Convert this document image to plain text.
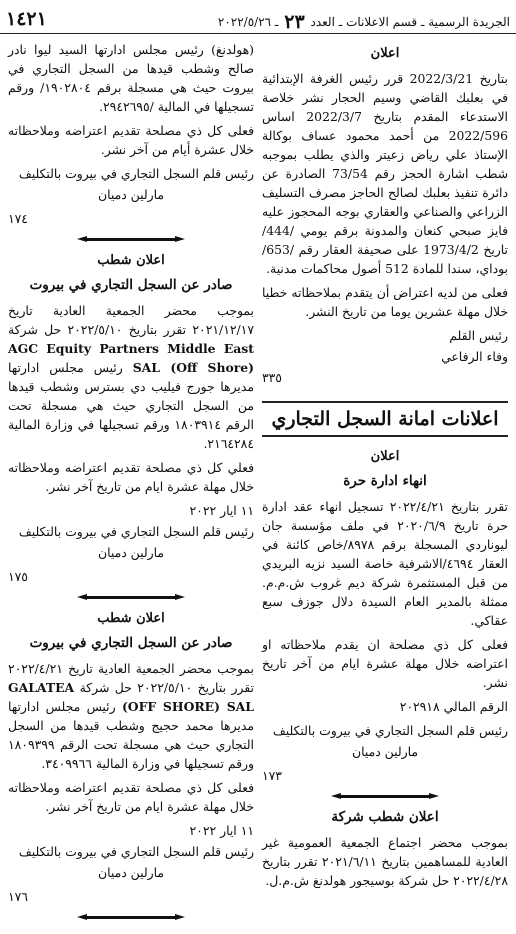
١٤٢١	الجريدة الرسمية ـ قسم الاعلانات ـ العدد ٢٣ ـ ٢٠٢٢/٥/٢٦
اعلان

بتاريخ 2022/3/21 قرر رئيس الغرفة الإبتدائية في بعلبك القاضي وسيم الحجار نشر خلاصة الاستدعاء المقدم بتاريخ 2022/3/7 اساس 2022/596 من أحمد محمود عساف بوكالة الإستاذ علي رياض زعيتر والذي يطلب بموجبه شطب اشارة الحجز رقم 73/54 الصادرة عن دائرة تنفيذ بعلبك لصالح الحاجز مصرف التسليف الزراعي والصناعي والعقاري بوجه المحجوز عليه فايز صبحي كنعان والمدونة برقم يومي /444/ تاريخ 1973/4/2 على صحيفة العقار رقم /653/ بوداي، سندا للمادة 512 أصول محاكمات مدنية.

فعلى من لديه اعتراض أن يتقدم بملاحظاته خطيا خلال مهلة عشرين يوما من تاريخ النشر.

رئيس القلم

وفاء الرفاعي

٣٣٥
اعلانات امانة السجل التجاري
اعلان
انهاء ادارة حرة

تقرر بتاريخ ٢٠٢٢/٤/٢١ تسجيل انهاء عقد ادارة حرة تاريخ ٢٠٢٠/٦/٩ في ملف مؤسسة جان ليوناردي المسجلة برقم ٨٩٧٨/خاص كائنة في العقار ٤٦٩٤/الاشرفية خاصة السيد نزيه البريدي من قبل المستثمرة شركة ديم غروب ش.م.م. ممثلة بالمدير العام السيدة دلال جوزف سبع عقاكي.

فعلى كل ذي مصلحة ان يقدم ملاحظاته او اعتراضه خلال مهلة عشرة ايام من آخر تاريخ نشر.

الرقم المالي ٢٠٢٩١٨

رئيس قلم السجل التجاري في بيروت بالتكليف

مارلين دميان

١٧٣
اعلان شطب شركة

بموجب محضر اجتماع الجمعية العمومية غير العادية للمساهمين بتاريخ ٢٠٢١/٦/١١ تقرر بتاريخ ٢٠٢٢/٤/٢٨ حل شركة بوسيجور هولدنغ ش.م.ل.

(هولدنغ) رئيس مجلس ادارتها السيد ليوا نادر صالح وشطب قيدها من السجل التجاري في بيروت حيث هي مسجلة برقم ١٩٠٢٨٠٤/ ورقم تسجيلها في المالية /٢٩٤٢٦٩٥.

فعلى كل ذي مصلحة تقديم اعتراضه وملاحظاته خلال عشرة أيام من آخر نشر.

رئيس قلم السجل التجاري في بيروت بالتكليف

مارلين دميان

١٧٤
اعلان شطب
صادر عن السجل التجاري في بيروت

بموجب محضر الجمعية العادية تاريخ ٢٠٢١/١٢/١٧ تقرر بتاريخ ٢٠٢٢/٥/١٠ حل شركة AGC Equity Partners Middle East SAL (Off Shore) رئيس مجلس ادارتها مديرها جورج فيليب دي بسترس وشطب قيدها من السجل التجاري حيث هي مسجلة تحت الرقم ١٨٠٣٩١٤ ورقم تسجيلها في وزارة المالية ٢١٦٤٢٨٤.

فعلي كل ذي مصلحة تقديم اعتراضه وملاحظاته خلال مهلة عشرة ايام من تاريخ آخر نشر.

١١ ايار ٢٠٢٢

رئيس قلم السجل التجاري في بيروت بالتكليف

مارلين دميان

١٧٥
اعلان شطب
صادر عن السجل التجاري في بيروت

بموجب محضر الجمعية العادية تاريخ ٢٠٢٢/٤/٢١ تقرر بتاريخ ٢٠٢٢/٥/١٠ حل شركة GALATEA (OFF SHORE) SAL رئيس مجلس ادارتها مديرها محمد حجيج وشطب قيدها من السجل التجاري حيث هي مسجلة تحت الرقم ١٨٠٩٣٩٩ ورقم تسجيلها في وزارة المالية ٣٤٠٩٩٦٦.

فعلى كل ذي مصلحة تقديم اعتراضه وملاحظاته خلال مهلة عشرة ايام من تاريخ آخر نشر.

١١ ايار ٢٠٢٢

رئيس قلم السجل التجاري في بيروت بالتكليف

مارلين دميان

١٧٦
